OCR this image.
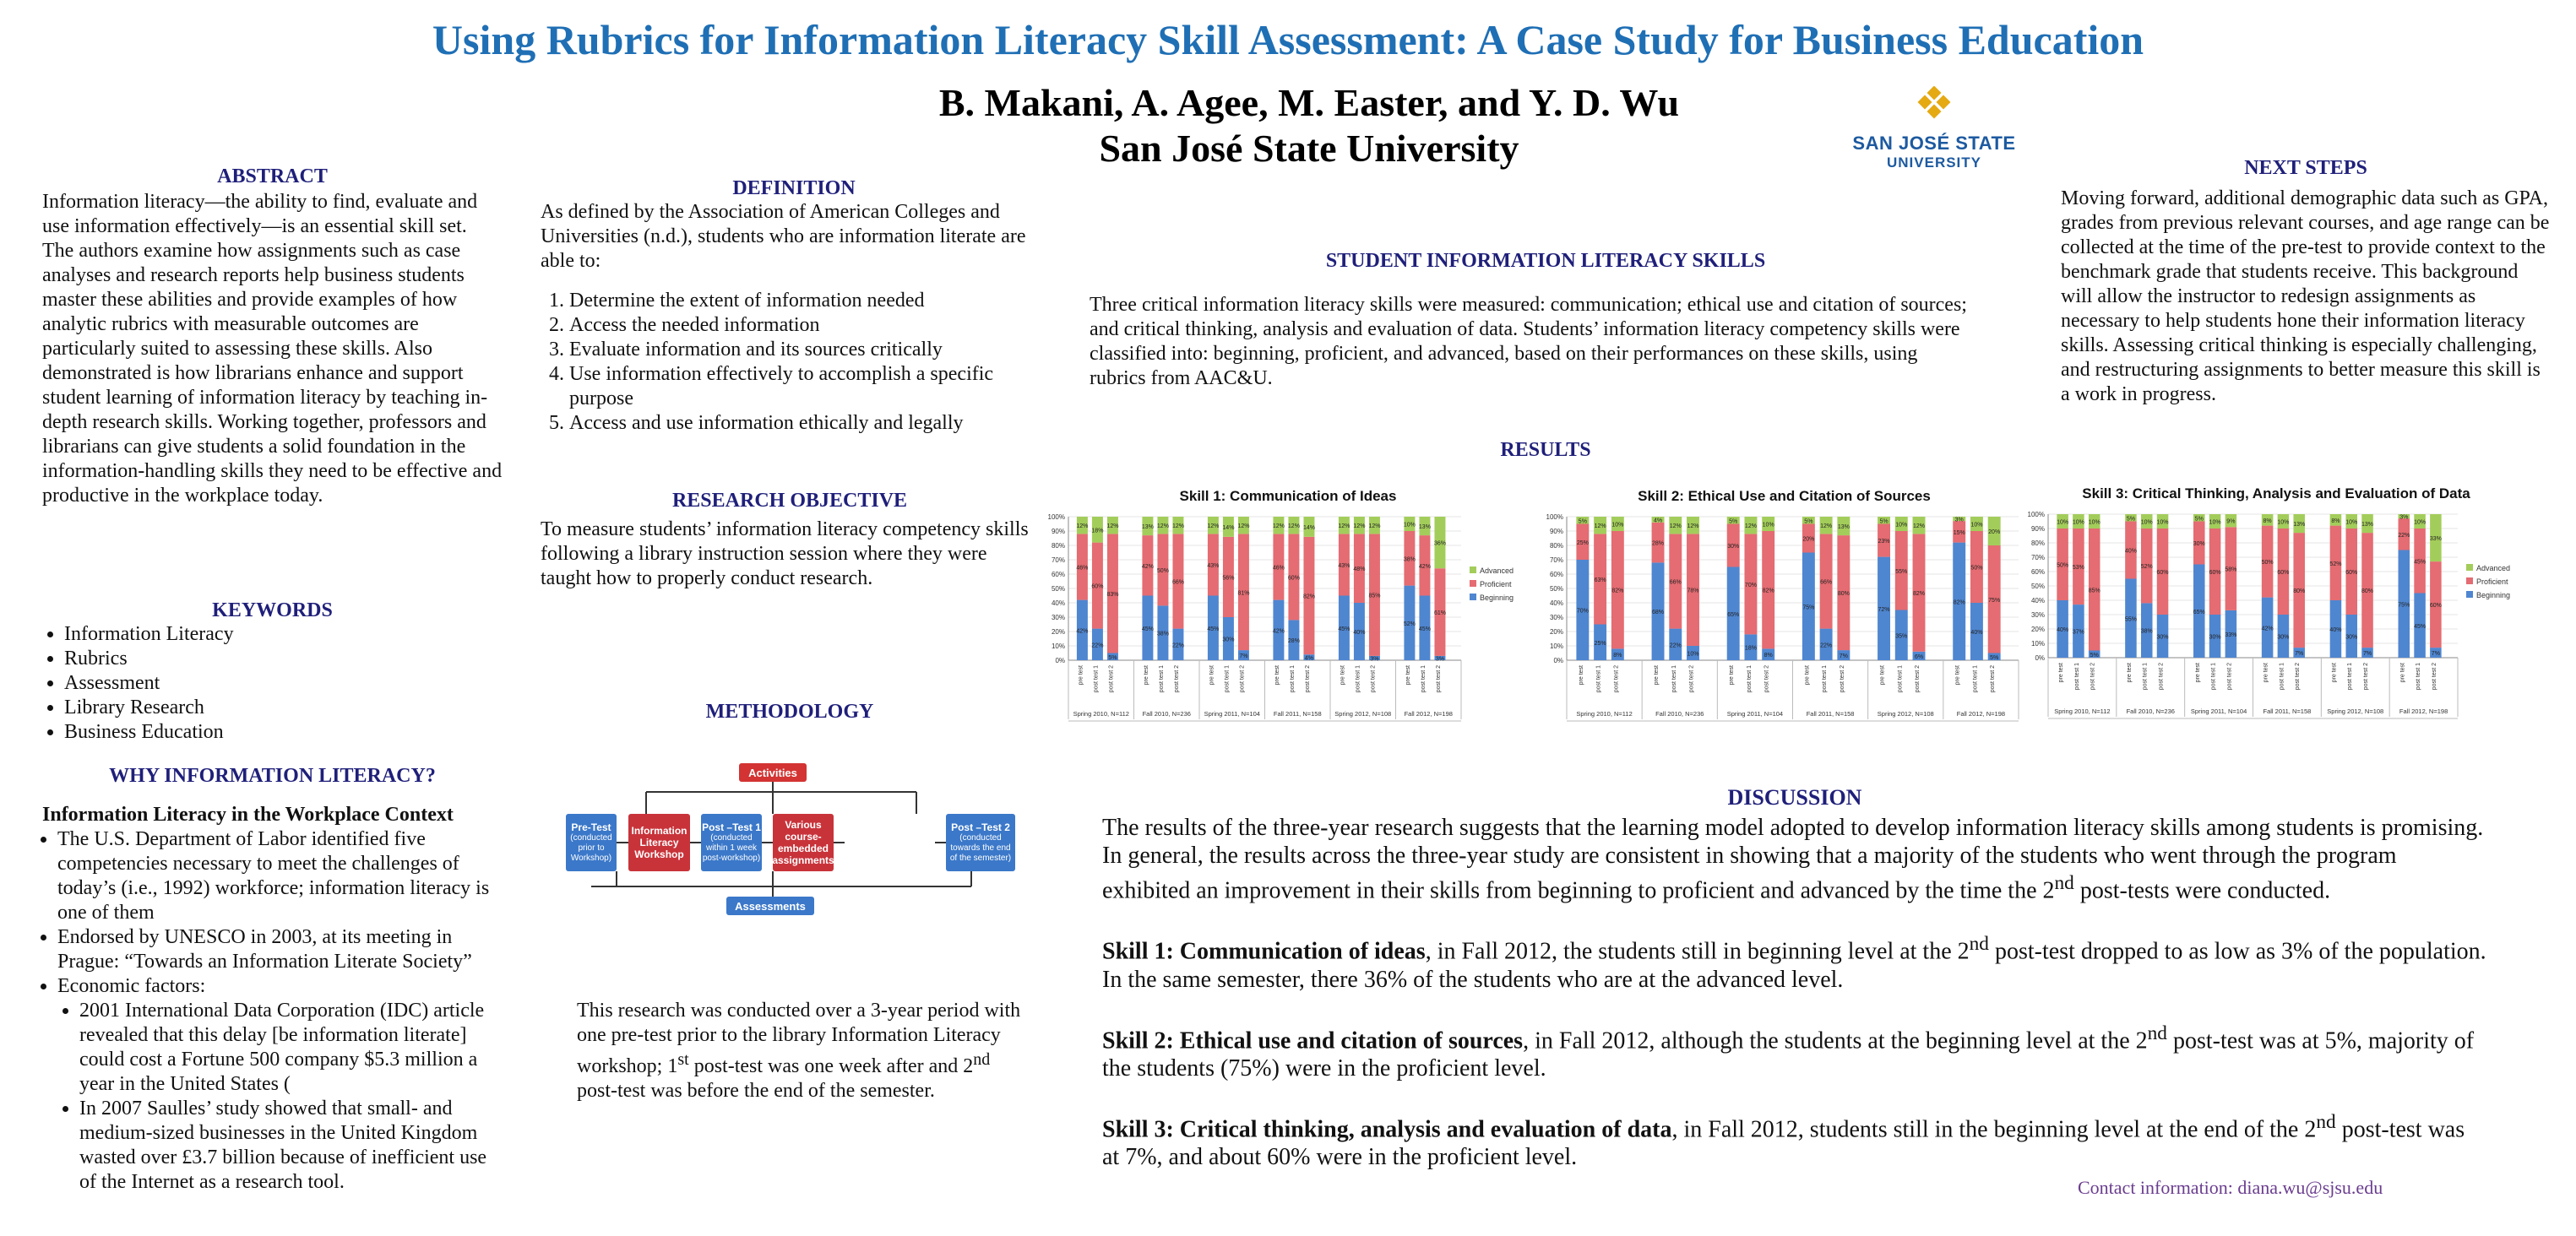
Using Rubrics for Information Literacy Skill Assessment: A Case Study for Business Education
B. Makani, A. Agee, M. Easter, and Y. D. Wu
San José State University	SAN JOSÉ STATE
UNIVERSITY
ABSTRACT
Information literacy—the ability to find, evaluate and use information effectively—is an essential skill set. The authors examine how assignments such as case analyses and research reports help business students master these abilities and provide examples of how analytic rubrics with measurable outcomes are particularly suited to assessing these skills. Also demonstrated is how librarians enhance and support student learning of information literacy by teaching in-depth research skills. Working together, professors and librarians can give students a solid foundation in the information-handling skills they need to be effective and productive in the workplace today.
KEYWORDS
• Information Literacy
• Rubrics
• Assessment
• Library Research
• Business Education
WHY INFORMATION LITERACY?
Information Literacy in the Workplace Context
• The U.S. Department of Labor identified five competencies necessary to meet the challenges of today’s (i.e., 1992) workforce; information literacy is one of them
• Endorsed by UNESCO in 2003, at its meeting in Prague: “Towards an Information Literate Society”
• Economic factors:
• 2001 International Data Corporation (IDC) article revealed that this delay [be information literate] could cost a Fortune 500 company $5.3 million a year in the United States (
• In 2007 Saulles’ study showed that small- and medium-sized businesses in the United Kingdom wasted over £3.7 billion because of inefficient use of the Internet as a research tool.
DEFINITION
As defined by the Association of American Colleges and Universities (n.d.), students who are information literate are able to:
1. Determine the extent of information needed
2. Access the needed information
3. Evaluate information and its sources critically
4. Use information effectively to accomplish a specific purpose
5. Access and use information ethically and legally
RESEARCH OBJECTIVE
To measure students’ information literacy competency skills following a library instruction session where they were taught how to properly conduct research.
METHODOLOGY
Activities
Pre-Test
(conducted prior to Workshop)
Information Literacy Workshop
Post –Test 1
(conducted within 1 week post-workshop)
Various course-embedded assignments
Post –Test 2
(conducted towards the end of the semester)
Assessments
This research was conducted over a 3-year period with one pre-test prior to the library Information Literacy workshop; 1st post-test was one week after and 2nd post-test was before the end of the semester.
STUDENT INFORMATION LITERACY SKILLS
Three critical information literacy skills were measured: communication; ethical use and citation of sources; and critical thinking, analysis and evaluation of data. Students’ information literacy competency skills were classified into: beginning, proficient, and advanced, based on their performances on these skills, using rubrics from AAC&U.
RESULTS
Skill 1: Communication of Ideas
0%
10%
20%
30%
40%
50%
60%
70%
80%
90%
100%
42%
46%
12%
pre test
22%
60%
18%
post test 1
5%
83%
12%
post test 2
Spring 2010, N=112
45%
42%
13%
pre test
38%
50%
12%
post test 1
22%
66%
12%
post test 2
Fall 2010, N=236
45%
43%
12%
pre test
30%
56%
14%
post test 1
7%
81%
12%
post test 2
Spring 2011, N=104
42%
46%
12%
pre test
28%
60%
12%
post test 1
4%
82%
14%
post test 2
Fall 2011, N=158
45%
43%
12%
pre test
40%
48%
12%
post test 1
3%
85%
12%
post test 2
Spring 2012, N=108
52%
38%
10%
pre test
45%
42%
13%
post test 1
3%
61%
36%
post test 2
Fall 2012, N=198
Advanced
Proficient
Beginning
Skill 2: Ethical Use and Citation of Sources
0%
10%
20%
30%
40%
50%
60%
70%
80%
90%
100%
70%
25%
5%
pre test
25%
63%
12%
post test 1
8%
82%
10%
post test 2
Spring 2010, N=112
68%
28%
4%
pre test
22%
66%
12%
post test 1
10%
78%
12%
post test 2
Fall 2010, N=236
65%
30%
5%
pre test
18%
70%
12%
post test 1
8%
82%
10%
post test 2
Spring 2011, N=104
75%
20%
5%
pre test
22%
66%
12%
post test 1
7%
80%
13%
post test 2
Fall 2011, N=158
72%
23%
5%
pre test
35%
55%
10%
post test 1
6%
82%
12%
post test 2
Spring 2012, N=108
82%
15%
3%
pre test
40%
50%
10%
post test 1
5%
75%
20%
post test 2
Fall 2012, N=198
Skill 3: Critical Thinking, Analysis and Evaluation of Data
0%
10%
20%
30%
40%
50%
60%
70%
80%
90%
100%
40%
50%
10%
pre test
37%
53%
10%
post test 1
5%
85%
10%
post test 2
Spring 2010, N=112
55%
40%
5%
pre test
38%
52%
10%
post test 1
30%
60%
10%
post test 2
Fall 2010, N=236
65%
30%
5%
pre test
30%
60%
10%
post test 1
33%
58%
9%
post test 2
Spring 2011, N=104
42%
50%
8%
pre test
30%
60%
10%
post test 1
7%
80%
13%
post test 2
Fall 2011, N=158
40%
52%
8%
pre test
30%
60%
10%
post test 1
7%
80%
13%
post test 2
Spring 2012, N=108
75%
22%
3%
pre test
45%
45%
10%
post test 1
7%
60%
33%
post test 2
Fall 2012, N=198
Advanced
Proficient
Beginning
NEXT STEPS
Moving forward, additional demographic data such as GPA, grades from previous relevant courses, and age range can be collected at the time of the pre-test to provide context to the benchmark grade that students receive. This background will allow the instructor to redesign assignments as necessary to help students hone their information literacy skills. Assessing critical thinking is especially challenging, and restructuring assignments to better measure this skill is a work in progress.
DISCUSSION
The results of the three-year research suggests that the learning model adopted to develop information literacy skills among students is promising. In general, the results across the three-year study are consistent in showing that a majority of the students who went through the program exhibited an improvement in their skills from beginning to proficient and advanced by the time the 2nd post-tests were conducted.
Skill 1: Communication of ideas, in Fall 2012, the students still in beginning level at the 2nd post-test dropped to as low as 3% of the population. In the same semester, there 36% of the students who are at the advanced level.
Skill 2: Ethical use and citation of sources, in Fall 2012, although the students at the beginning level at the 2nd post-test was at 5%, majority of the students (75%) were in the proficient level.
Skill 3: Critical thinking, analysis and evaluation of data, in Fall 2012, students still in the beginning level at the end of the 2nd post-test was at 7%, and about 60% were in the proficient level.
Contact information: diana.wu@sjsu.edu
